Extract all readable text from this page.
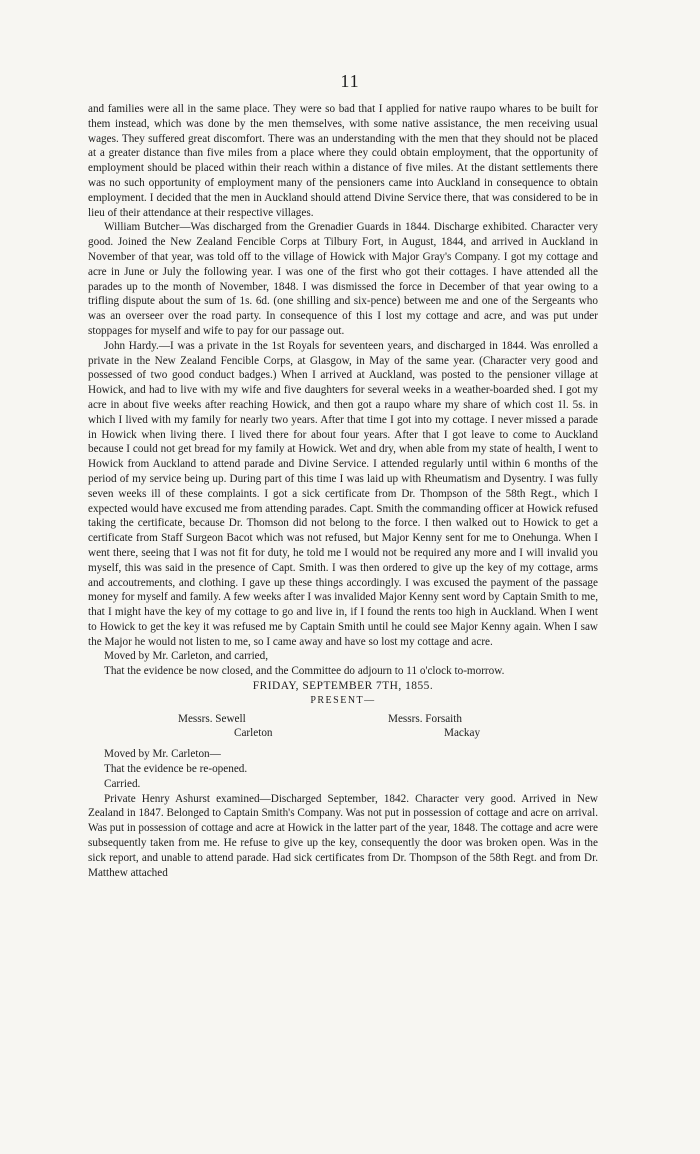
11

and families were all in the same place. They were so bad that I applied for native raupo whares to be built for them instead, which was done by the men themselves, with some native assistance, the men receiving usual wages. They suffered great discomfort. There was an understanding with the men that they should not be placed at a greater distance than five miles from a place where they could obtain employment, that the opportunity of employment should be placed within their reach within a distance of five miles. At the distant settlements there was no such opportunity of employment many of the pensioners came into Auckland in consequence to obtain employment. I decided that the men in Auckland should attend Divine Service there, that was considered to be in lieu of their attendance at their respective villages.

William Butcher—Was discharged from the Grenadier Guards in 1844. Discharge exhibited. Character very good. Joined the New Zealand Fencible Corps at Tilbury Fort, in August, 1844, and arrived in Auckland in November of that year, was told off to the village of Howick with Major Gray's Company. I got my cottage and acre in June or July the following year. I was one of the first who got their cottages. I have attended all the parades up to the month of November, 1848. I was dismissed the force in December of that year owing to a trifling dispute about the sum of 1s. 6d. (one shilling and six-pence) between me and one of the Sergeants who was an overseer over the road party. In consequence of this I lost my cottage and acre, and was put under stoppages for myself and wife to pay for our passage out.

John Hardy.—I was a private in the 1st Royals for seventeen years, and discharged in 1844. Was enrolled a private in the New Zealand Fencible Corps, at Glasgow, in May of the same year. (Character very good and possessed of two good conduct badges.) When I arrived at Auckland, was posted to the pensioner village at Howick, and had to live with my wife and five daughters for several weeks in a weather-boarded shed. I got my acre in about five weeks after reaching Howick, and then got a raupo whare my share of which cost 1l. 5s. in which I lived with my family for nearly two years. After that time I got into my cottage. I never missed a parade in Howick when living there. I lived there for about four years. After that I got leave to come to Auckland because I could not get bread for my family at Howick. Wet and dry, when able from my state of health, I went to Howick from Auckland to attend parade and Divine Service. I attended regularly until within 6 months of the period of my service being up. During part of this time I was laid up with Rheumatism and Dysentry. I was fully seven weeks ill of these complaints. I got a sick certificate from Dr. Thompson of the 58th Regt., which I expected would have excused me from attending parades. Capt. Smith the commanding officer at Howick refused taking the certificate, because Dr. Thomson did not belong to the force. I then walked out to Howick to get a certificate from Staff Surgeon Bacot which was not refused, but Major Kenny sent for me to Onehunga. When I went there, seeing that I was not fit for duty, he told me I would not be required any more and I will invalid you myself, this was said in the presence of Capt. Smith. I was then ordered to give up the key of my cottage, arms and accoutrements, and clothing. I gave up these things accordingly. I was excused the payment of the passage money for myself and family. A few weeks after I was invalided Major Kenny sent word by Captain Smith to me, that I might have the key of my cottage to go and live in, if I found the rents too high in Auckland. When I went to Howick to get the key it was refused me by Captain Smith until he could see Major Kenny again. When I saw the Major he would not listen to me, so I came away and have so lost my cottage and acre.

Moved by Mr. Carleton, and carried,

That the evidence be now closed, and the Committee do adjourn to 11 o'clock to-morrow.

FRIDAY, SEPTEMBER 7TH, 1855.

PRESENT—

Messrs. Sewell
Carleton
Messrs. Forsaith
Mackay

Moved by Mr. Carleton—

That the evidence be re-opened.

Carried.

Private Henry Ashurst examined—Discharged September, 1842. Character very good. Arrived in New Zealand in 1847. Belonged to Captain Smith's Company. Was not put in possession of cottage and acre on arrival. Was put in possession of cottage and acre at Howick in the latter part of the year, 1848. The cottage and acre were subsequently taken from me. He refuse to give up the key, consequently the door was broken open. Was in the sick report, and unable to attend parade. Had sick certificates from Dr. Thompson of the 58th Regt. and from Dr. Matthew attached
